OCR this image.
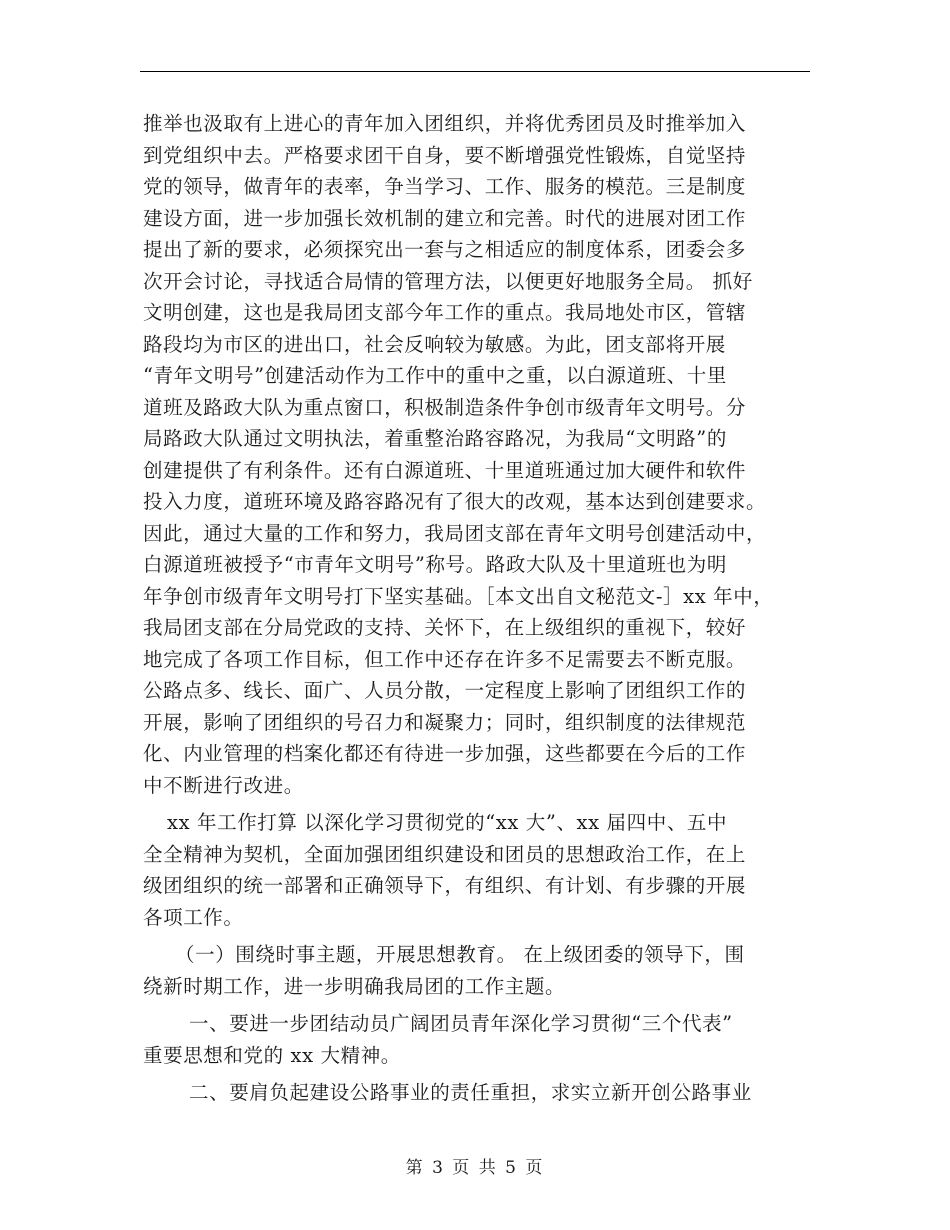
推举也汲取有上进心的青年加入团组织，并将优秀团员及时推举加入
到党组织中去。严格要求团干自身，要不断增强党性锻炼，自觉坚持
党的领导，做青年的表率，争当学习、工作、服务的模范。三是制度
建设方面，进一步加强长效机制的建立和完善。时代的进展对团工作
提出了新的要求，必须探究出一套与之相适应的制度体系，团委会多
次开会讨论，寻找适合局情的管理方法，以便更好地服务全局。 抓好
文明创建，这也是我局团支部今年工作的重点。我局地处市区，管辖
路段均为市区的进出口，社会反响较为敏感。为此，团支部将开展
“青年文明号”创建活动作为工作中的重中之重，以白源道班、十里
道班及路政大队为重点窗口，积极制造条件争创市级青年文明号。分
局路政大队通过文明执法，着重整治路容路况，为我局“文明路”的
创建提供了有利条件。还有白源道班、十里道班通过加大硬件和软件
投入力度，道班环境及路容路况有了很大的改观，基本达到创建要求。
因此，通过大量的工作和努力，我局团支部在青年文明号创建活动中，
白源道班被授予“市青年文明号”称号。路政大队及十里道班也为明
年争创市级青年文明号打下坚实基础。［本文出自文秘范文-］xx 年中，
我局团支部在分局党政的支持、关怀下，在上级组织的重视下，较好
地完成了各项工作目标，但工作中还存在许多不足需要去不断克服。
公路点多、线长、面广、人员分散，一定程度上影响了团组织工作的
开展，影响了团组织的号召力和凝聚力；同时，组织制度的法律规范
化、内业管理的档案化都还有待进一步加强，这些都要在今后的工作
中不断进行改进。
xx 年工作打算 以深化学习贯彻党的“xx 大”、xx 届四中、五中
全全精神为契机，全面加强团组织建设和团员的思想政治工作，在上
级团组织的统一部署和正确领导下，有组织、有计划、有步骤的开展
各项工作。
（一）围绕时事主题，开展思想教育。 在上级团委的领导下，围
绕新时期工作，进一步明确我局团的工作主题。
一、要进一步团结动员广阔团员青年深化学习贯彻“三个代表”
重要思想和党的 xx 大精神。
二、要肩负起建设公路事业的责任重担，求实立新开创公路事业
第 3 页 共 5 页
